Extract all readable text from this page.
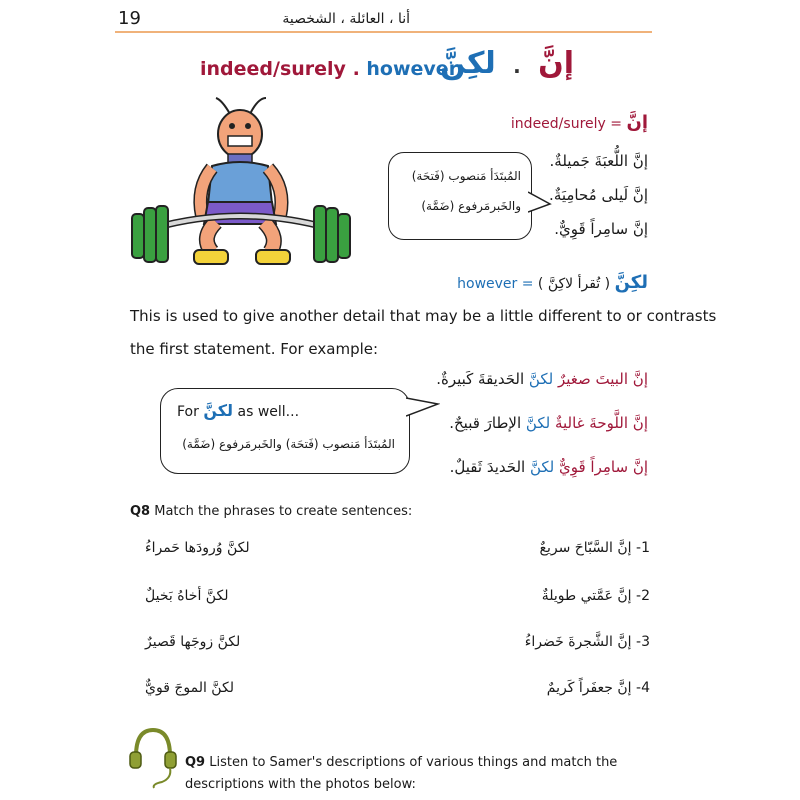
19	أنا ، العائلة ، الشخصية
indeed/surely . however	إنَّ  .  لكِنَّ
indeed/surely = إنَّ
إنَّ اللُّعبَةَ جَميلةٌ.
إنَّ لَيلى مُحامِيَةٌ.
إنَّ سامِراً قَوِيٌّ.
المُبتَدَأ مَنصوب (فَتحَة)
والخَبرمَرفوع (ضَمَّة)
however = ( تُقرأ لاكِنَّ ) لكِنَّ
This is used to give another detail that may be a little different to or contrasts
the first statement. For example:
إنَّ البيتَ صغيرٌ لكنَّ الحَديقةَ كَبيرةٌ.
إنَّ اللَّوحةَ غاليةٌ لكنَّ الإطارَ قبيحٌ.
إنَّ سامِراً قَوِيٌّ لكنَّ الحَديدَ ثَقيلٌ.
For لكنَّ as well...
المُبتَدَأ مَنصوب (فَتحَة) والخَبرمَرفوع (ضَمَّة)
Q8 Match the phrases to create sentences:
1- إنَّ السَّبّاحَ سريعٌ
2- إنَّ عَمَّتي طويلةٌ
3- إنَّ الشَّجرةَ خَضراءُ
4- إنَّ جعفَراً كَريمٌ
لكنَّ وُرودَها حَمراءُ
لكنَّ أخاهُ بَخيلٌ
لكنَّ زوجَها قَصيرٌ
لكنَّ الموجَ قويٌّ
Q9 Listen to Samer's descriptions of various things and match the descriptions with the photos below:
